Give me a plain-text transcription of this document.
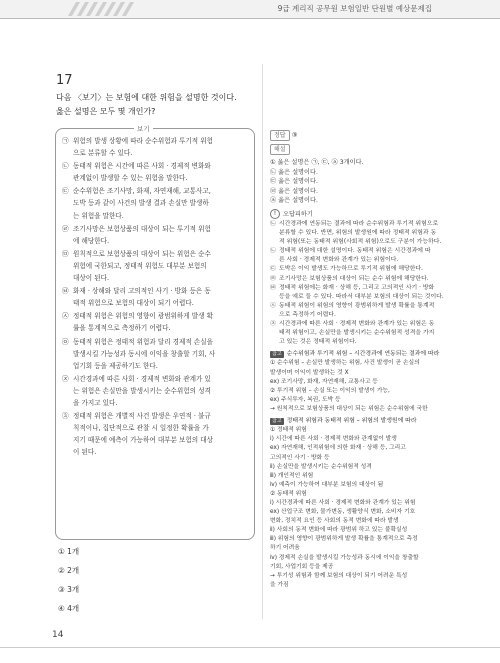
9급 계리직 공무원 보험일반 단원별 예상문제집
17
다음 〈보기〉는 보험에 대한 위험을 설명한 것이다.
옳은 설명은 모두 몇 개인가?
보기
㉠ 위험의 발생 상황에 따라 순수위험과 투기적 위험
으로 분류할 수 있다.
㉡ 동태적 위험은 시간에 따른 사회 · 경제적 변화와
관계없이 발생할 수 있는 위험을 말한다.
㉢ 순수위험은 조기사망, 화재, 자연재해, 교통사고,
도박 등과 같이 사건의 발생 결과 손실만 발생하
는 위험을 말한다.
㉣ 조기사망은 보험상품의 대상이 되는 투기적 위험
에 해당한다.
㉤ 원칙적으로 보험상품의 대상이 되는 위험은 순수
위험에 국한되고, 정태적 위험도 대부분 보험의
대상이 된다.
㉥ 화재 · 상해와 달리 고의적인 사기 · 방화 등은 동
태적 위험으로 보험의 대상이 되기 어렵다.
㉦ 정태적 위험은 위험의 영향이 광범위하게 발생 확
률을 통계적으로 측정하기 어렵다.
㉧ 동태적 위험은 정태적 위험과 달리 경제적 손실을
발생시킬 가능성과 동시에 이익을 창출할 기회, 사
업기회 등을 제공하기도 한다.
㉨ 시간경과에 따른 사회 · 경제적 변화와 관계가 있
는 위험은 손실만을 발생시키는 순수위험의 성격
을 가지고 있다.
㉩ 정태적 위험은 개별적 사건 발생은 우연적 · 불규
칙적이나, 집단적으로 관찰 시 일정한 확률을 가
지기 때문에 예측이 가능하여 대부분 보험의 대상
이 된다.
① 1개
② 2개
③ 3개
④ 4개
정답 ③
해설
① 옳은 설명은 ㉠, ㉢, ㉩ 3개이다.
㉡ 옳은 설명이다.
㉢ 옳은 설명이다.
㉣ 옳은 설명이다.
㉩ 옳은 설명이다.
!	오답피하기
㉡ 시간경과에 연동되는 결과에 따라 순수위험과 투기적 위험으로
분류할 수 있다. 반면, 위험의 발생원에 따라 정태적 위험과 동
적 위험(또는 동태적 위험(사회적 위험)으로도 구분이 가능하다.
㉡ 정태적 위험에 대한 설명이다. 동태적 위험은 시간경과에 따
른 사회 · 경제적 변화와 관계가 있는 위험이다.
㉢ 도박은 이익 발생도 가능하므로 투기적 위험에 해당한다.
㉣ 조기사망은 보험상품의 대상이 되는 순수 위험에 해당한다.
㉥ 정태적 위험에는 화재 · 상해 등, 그리고 고의적인 사기 · 방화
등을 예로 들 수 있다. 따라서 대부분 보험의 대상이 되는 것이다.
㉦ 동태적 위험이 위험의 영향이 광범위하게 발생 확률을 통계적
으로 측정하기 어렵다.
㉨ 시간경과에 따른 사회 · 경제적 변화와 관계가 있는 위험은 동
태적 위험이고, 손실만을 발생시키는 순수위험적 성격을 가지
고 있는 것은 정태적 위험이다.
참고 순수위험과 투기적 위험 – 시간경과에 연동되는 결과에 따라
① 순수위험 – 손실만 발생하는 위험, 사건 발생이 곧 손실의
발생이며 이익이 발생하는 것 X
ex) 조기사망, 화재, 자연재해, 교통사고 등
② 투기적 위험 – 손실 또는 이익의 발생이 가능,
ex) 주식투자, 복권, 도박 등
→ 원칙적으로 보험상품의 대상이 되는 위험은 순수위험에 국한
참고 정태적 위험과 동태적 위험 – 위험의 발생원에 따라
① 정태적 위험
ⅰ) 시간에 따른 사회 · 경제적 변화와 관계없이 발생
ex) 자연재해, 인적위험에 의한 화재 · 상해 등, 그리고
고의적인 사기 · 방화 등
ⅱ) 손실만을 발생시키는 순수위험적 성격
ⅲ) 개인적인 위험
ⅳ) 예측이 가능하여 대부분 보험의 대상이 됨
② 동태적 위험
ⅰ) 시간경과에 따른 사회 · 경제적 변화와 관계가 있는 위험
ex) 산업구조 변화, 물가변동, 생활양식 변화, 소비자 기호
변화, 정치적 요인 등 사회의 동적 변화에 따라 발생
ⅱ) 사회의 동적 변화에 따라 광범위 하고 있는 불확실성
ⅲ) 위험의 영향이 광범위하게 발생 확률을 통계적으로 측정
하기 어려움
ⅳ) 경제적 손실을 발생시킬 가능성과 동시에 이익을 창출할
기회, 사업기회 등을 제공
→ 투기성 위험과 함께 보험의 대상이 되기 어려운 특성
을 가짐
14
